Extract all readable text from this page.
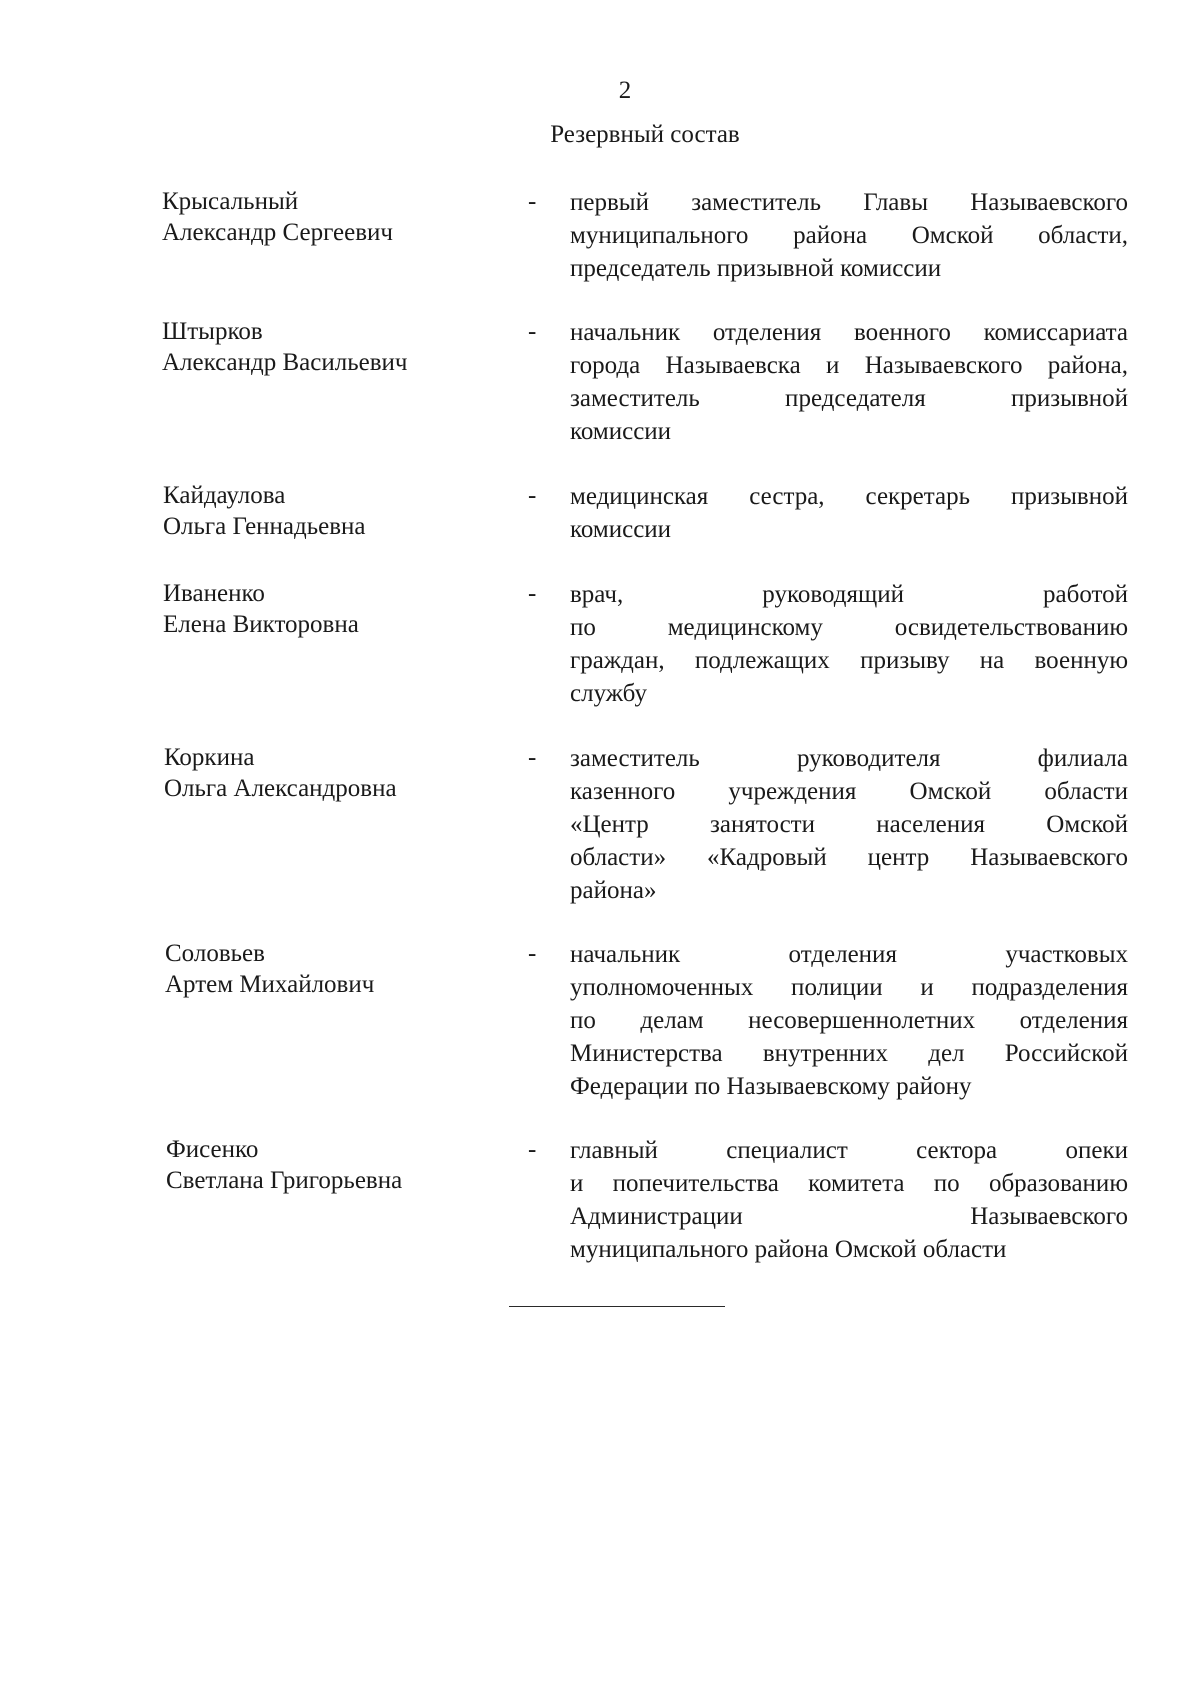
2
Резервный состав
Крысальный
Александр Сергеевич
- первый заместитель Главы Называевского
муниципального района Омской области,
председатель призывной комиссии
Штырков
Александр Васильевич
- начальник отделения военного комиссариата
города Называевска и Называевского района,
заместитель председателя призывной
комиссии
Кайдаулова
Ольга Геннадьевна
- медицинская сестра, секретарь призывной
комиссии
Иваненко
Елена Викторовна
- врач, руководящий работой
по медицинскому освидетельствованию
граждан, подлежащих призыву на военную
службу
Коркина
Ольга Александровна
- заместитель руководителя филиала
казенного учреждения Омской области
«Центр занятости населения Омской
области» «Кадровый центр Называевского
района»
Соловьев
Артем Михайлович
- начальник отделения участковых
уполномоченных полиции и подразделения
по делам несовершеннолетних отделения
Министерства внутренних дел Российской
Федерации по Называевскому району
Фисенко
Светлана Григорьевна
- главный специалист сектора опеки
и попечительства комитета по образованию
Администрации Называевского
муниципального района Омской области
